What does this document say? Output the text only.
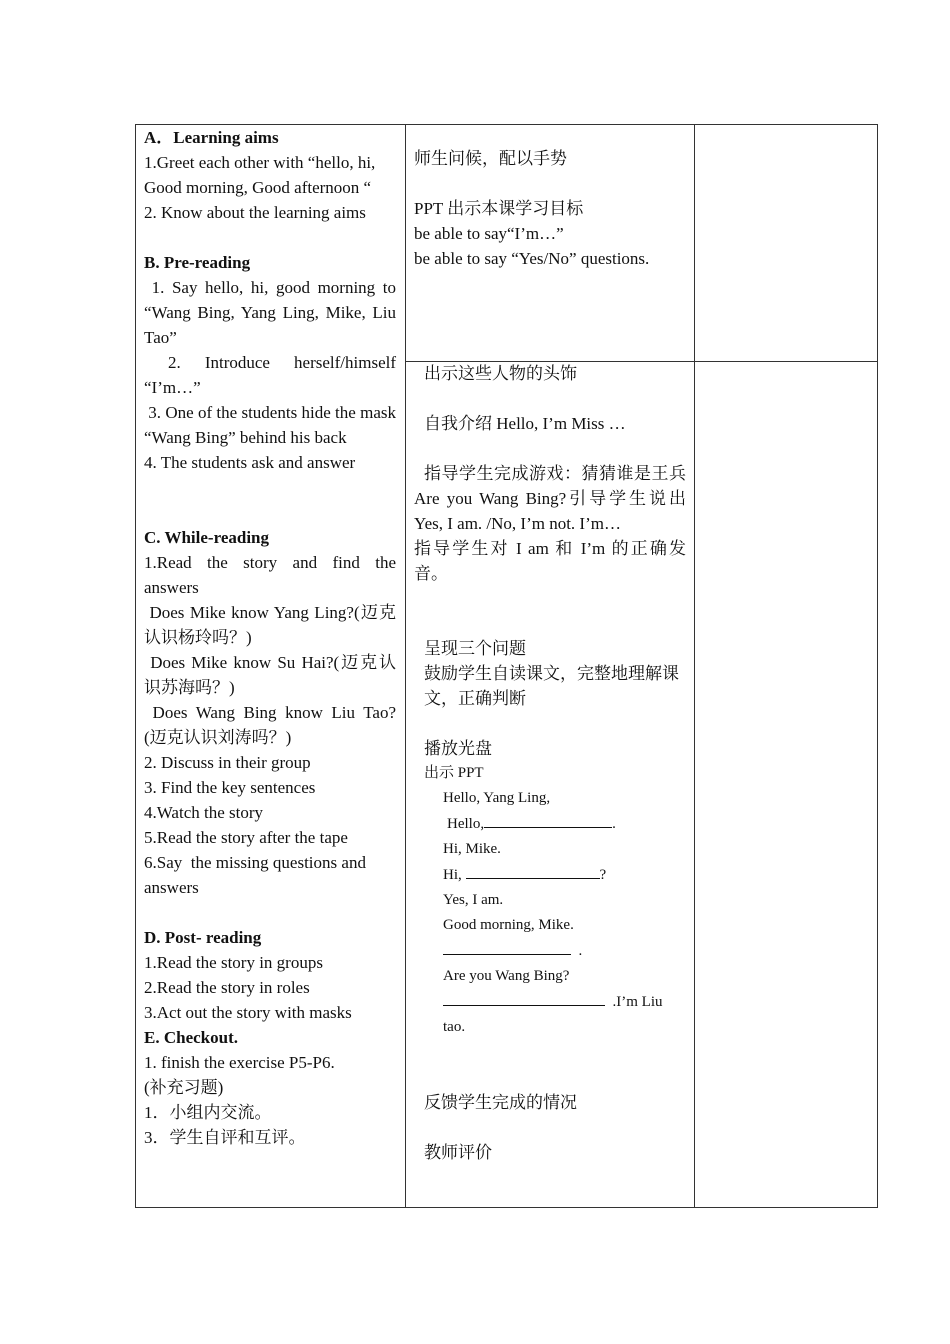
A．Learning aims
1.Greet each other with “hello, hi, Good morning, Good afternoon “
2. Know about the learning aims
B. Pre-reading
1. Say hello, hi, good morning to “Wang Bing, Yang Ling, Mike, Liu Tao”
2. Introduce herself/himself “I’m…”
3. One of the students hide the mask “Wang Bing” behind his back
4. The students ask and answer
C. While-reading
1.Read the story and find the answers
Does Mike know Yang Ling?(迈克认识杨玲吗？)
Does Mike know Su Hai?(迈克认识苏海吗？)
Does Wang Bing know Liu Tao? (迈克认识刘涛吗？)
2. Discuss in their group
3. Find the key sentences
4.Watch the story
5.Read the story after the tape
6.Say  the missing questions and answers
D. Post- reading
1.Read the story in groups
2.Read the story in roles
3.Act out the story with masks
E. Checkout.
1. finish the exercise P5-P6.
(补充习题)
1．小组内交流。
3．学生自评和互评。
师生问候，配以手势
PPT 出示本课学习目标
be able to say“I’m…”
be able to say “Yes/No” questions.
出示这些人物的头饰
自我介绍 Hello, I’m Miss …
指导学生完成游戏：猜猜谁是王兵 Are you Wang Bing?引导学生说出 Yes, I am. /No, I’m not. I’m…
指导学生对 I am 和 I’m 的正确发音。
呈现三个问题
鼓励学生自读课文，完整地理解课文，正确判断
播放光盘
出示 PPT
Hello, Yang Ling,
Hello,	.
Hi, Mike.
Hi,	?
Yes, I am.
Good morning, Mike.
.
Are you Wang Bing?
.I’m Liu
tao.
反馈学生完成的情况
教师评价
